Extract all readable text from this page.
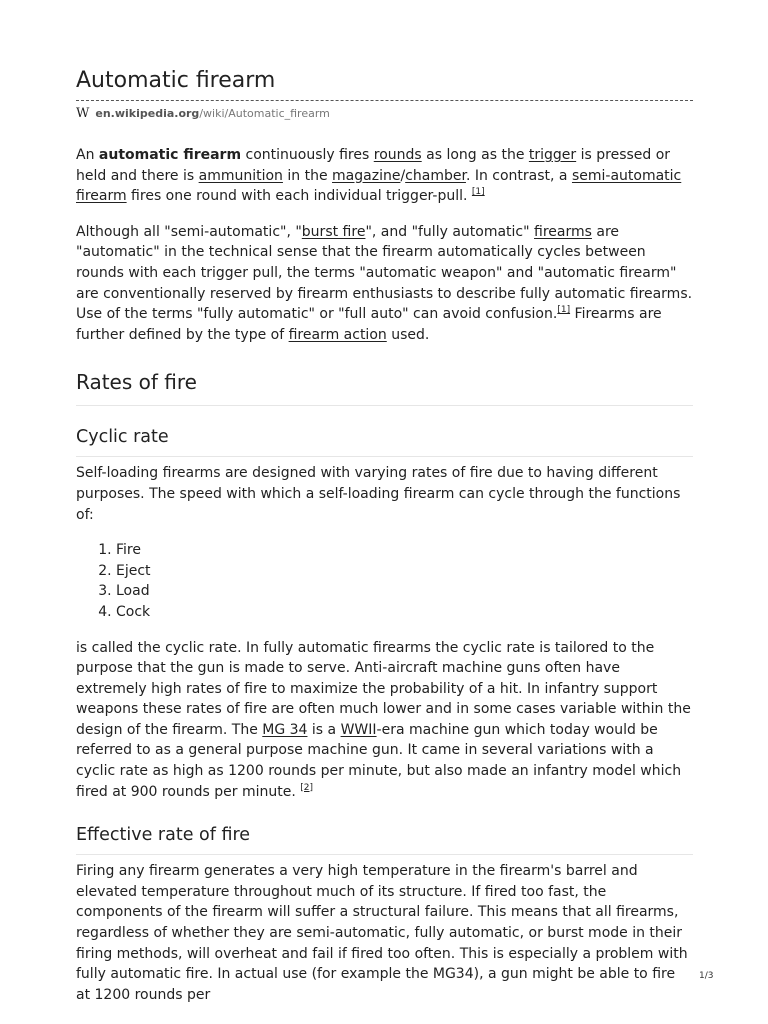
Automatic firearm
W en.wikipedia.org/wiki/Automatic_firearm

An automatic firearm continuously fires rounds as long as the trigger is pressed or held and there is ammunition in the magazine/chamber. In contrast, a semi-automatic firearm fires one round with each individual trigger-pull. [1]

Although all "semi-automatic", "burst fire", and "fully automatic" firearms are "automatic" in the technical sense that the firearm automatically cycles between rounds with each trigger pull, the terms "automatic weapon" and "automatic firearm" are conventionally reserved by firearm enthusiasts to describe fully automatic firearms. Use of the terms "fully automatic" or "full auto" can avoid confusion.[1] Firearms are further defined by the type of firearm action used.

Rates of fire
Cyclic rate

Self-loading firearms are designed with varying rates of fire due to having different purposes. The speed with which a self-loading firearm can cycle through the functions of:

1. Fire
2. Eject
3. Load
4. Cock

is called the cyclic rate. In fully automatic firearms the cyclic rate is tailored to the purpose that the gun is made to serve. Anti-aircraft machine guns often have extremely high rates of fire to maximize the probability of a hit. In infantry support weapons these rates of fire are often much lower and in some cases variable within the design of the firearm. The MG 34 is a WWII-era machine gun which today would be referred to as a general purpose machine gun. It came in several variations with a cyclic rate as high as 1200 rounds per minute, but also made an infantry model which fired at 900 rounds per minute. [2]

Effective rate of fire

Firing any firearm generates a very high temperature in the firearm's barrel and elevated temperature throughout much of its structure. If fired too fast, the components of the firearm will suffer a structural failure. This means that all firearms, regardless of whether they are semi-automatic, fully automatic, or burst mode in their firing methods, will overheat and fail if fired too often. This is especially a problem with fully automatic fire. In actual use (for example the MG34), a gun might be able to fire at 1200 rounds per

1/3
